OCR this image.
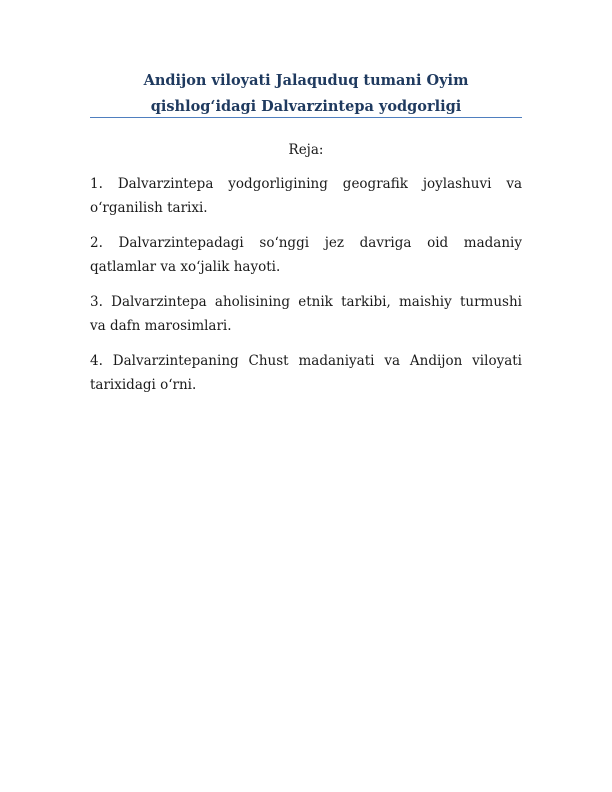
Andijon viloyati Jalaquduq tumani Oyim
qishlog‘idagi Dalvarzintepa yodgorligi
Reja:
1. Dalvarzintepa yodgorligining geografik joylashuvi va
o‘rganilish tarixi.
2. Dalvarzintepadagi so‘nggi jez davriga oid madaniy
qatlamlar va xo‘jalik hayoti.
3. Dalvarzintepa aholisining etnik tarkibi, maishiy turmushi
va dafn marosimlari.
4. Dalvarzintepaning Chust madaniyati va Andijon viloyati
tarixidagi o‘rni.
